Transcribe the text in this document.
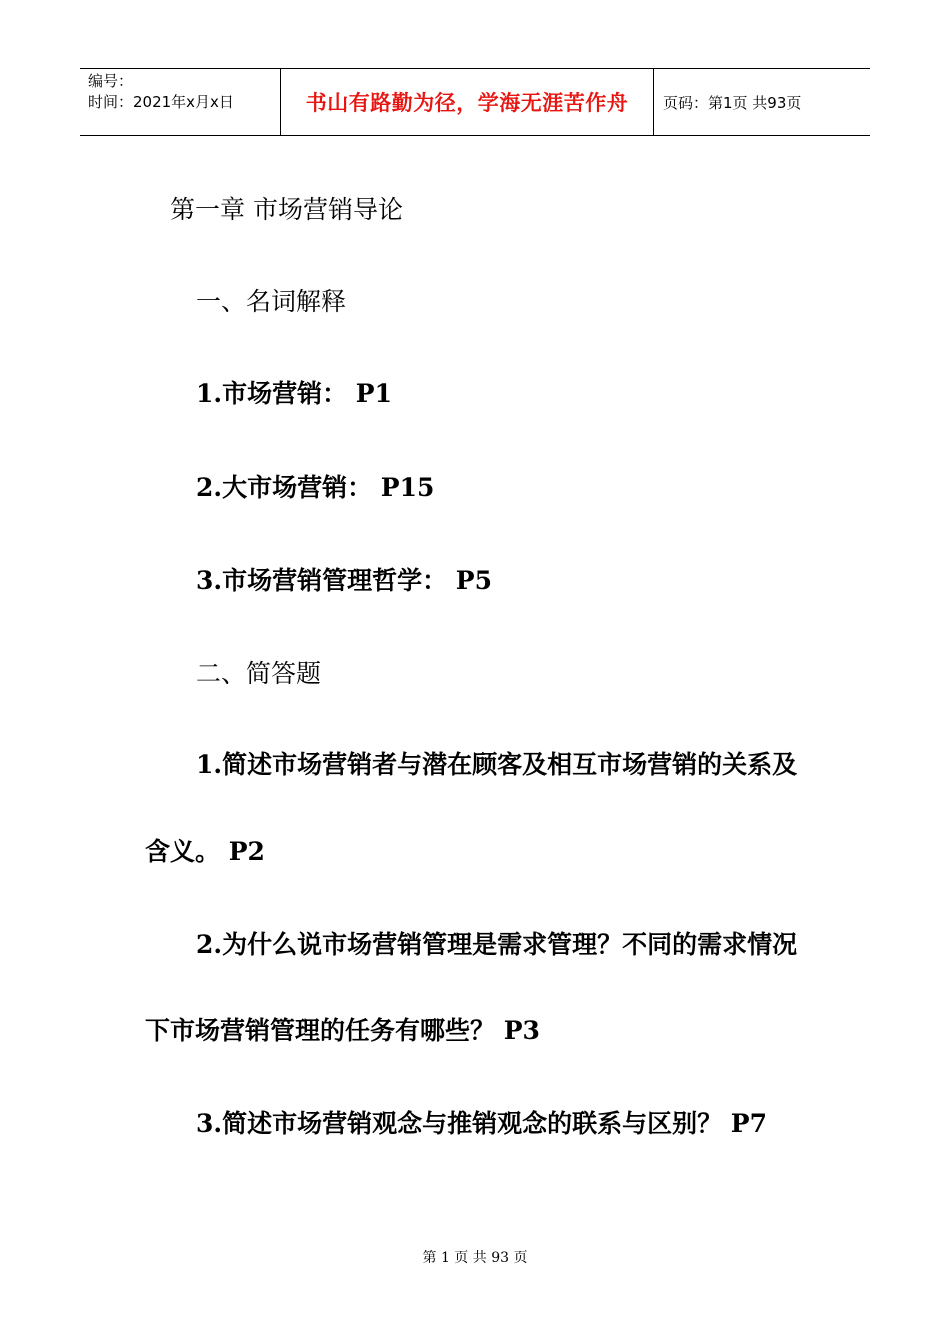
编号：
时间：2021年x月x日	书山有路勤为径，学海无涯苦作舟 页码：第1页 共93页
第一章 市场营销导论
一、名词解释
1.市场营销： P1
2.大市场营销： P15
3.市场营销管理哲学： P5
二、简答题
1.简述市场营销者与潜在顾客及相互市场营销的关系及
含义。 P2
2.为什么说市场营销管理是需求管理？不同的需求情况
下市场营销管理的任务有哪些？ P3
3.简述市场营销观念与推销观念的联系与区别？ P7
第 1 页 共 93 页
